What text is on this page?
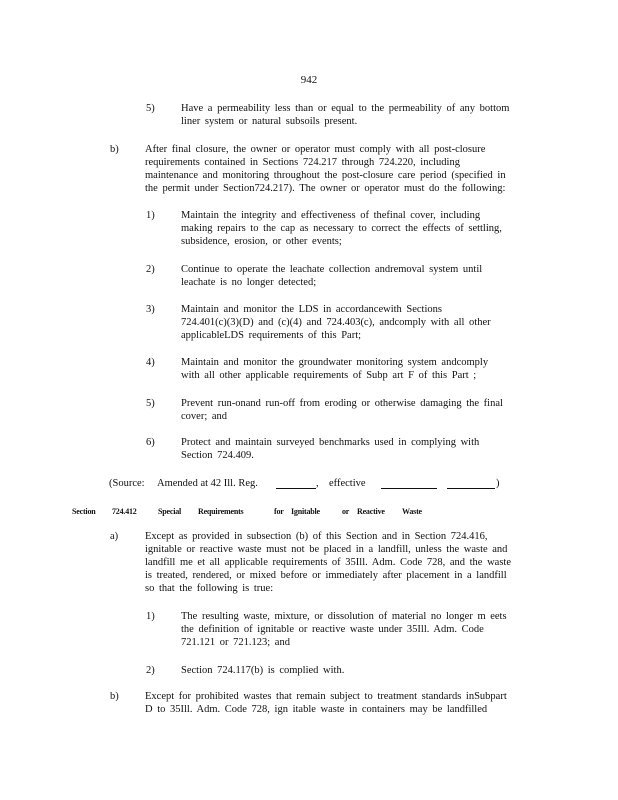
942
5)	Have a permeability less than or equal to the permeability of any bottom
liner system or natural subsoils present.
b)	After final closure, the owner or operator must comply with all post-closure
requirements contained in Sections 724.217 through 724.220, including
maintenance and monitoring throughout the post-closure care period (specified in
the permit under Section724.217). The owner or operator must do the following:
1)	Maintain the integrity and effectiveness of thefinal cover, including
making repairs to the cap as necessary to correct the effects of settling,
subsidence, erosion, or other events;
2)	Continue to operate the leachate collection andremoval system until
leachate is no longer detected;
3)	Maintain and monitor the LDS in accordancewith Sections
724.401(c)(3)(D) and (c)(4) and 724.403(c), andcomply with all other
applicableLDS requirements of this Part;
4)	Maintain and monitor the groundwater monitoring system andcomply
with all other applicable requirements of Subp art F of this Part ;
5)	Prevent run-onand run-off from eroding or otherwise damaging the final
cover; and
6)	Protect and maintain surveyed benchmarks used in complying with
Section 724.409.
(Source: Amended at 42 Ill. Reg.	, effective	)
Section 724.412	Special Requirements	for Ignitable	or Reactive Waste
a)	Except as provided in subsection (b) of this Section and in Section 724.416,
ignitable or reactive waste must not be placed in a landfill, unless the waste and
landfill me et all applicable requirements of 35Ill. Adm. Code 728, and the waste
is treated, rendered, or mixed before or immediately after placement in a landfill
so that the following is true:
1)	The resulting waste, mixture, or dissolution of material no longer m eets
the definition of ignitable or reactive waste under 35Ill. Adm. Code
721.121 or 721.123; and
2)	Section 724.117(b) is complied with.
b)	Except for prohibited wastes that remain subject to treatment standards inSubpart
D to 35Ill. Adm. Code 728, ign itable waste in containers may be landfilled
